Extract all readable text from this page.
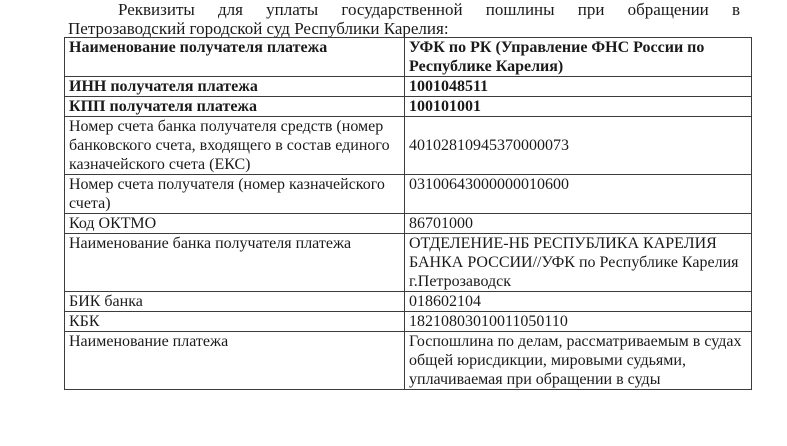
Реквизиты для уплаты государственной пошлины при обращении в
Петрозаводский городской суд Республики Карелия:
Наименование получателя платежа	УФК по РК (Управление ФНС России по Республике Карелия)
ИНН получателя платежа	1001048511
КПП получателя платежа	100101001
Номер счета банка получателя средств (номер банковского счета, входящего в состав единого казначейского счета (ЕКС)	40102810945370000073
Номер счета получателя (номер казначейского счета)	03100643000000010600
Код ОКТМО	86701000
Наименование банка получателя платежа	ОТДЕЛЕНИЕ-НБ РЕСПУБЛИКА КАРЕЛИЯ БАНКА РОССИИ//УФК по Республике Карелия г.Петрозаводск
БИК банка	018602104
КБК	18210803010011050110
Наименование платежа	Госпошлина по делам, рассматриваемым в судах общей юрисдикции, мировыми судьями, уплачиваемая при обращении в суды
